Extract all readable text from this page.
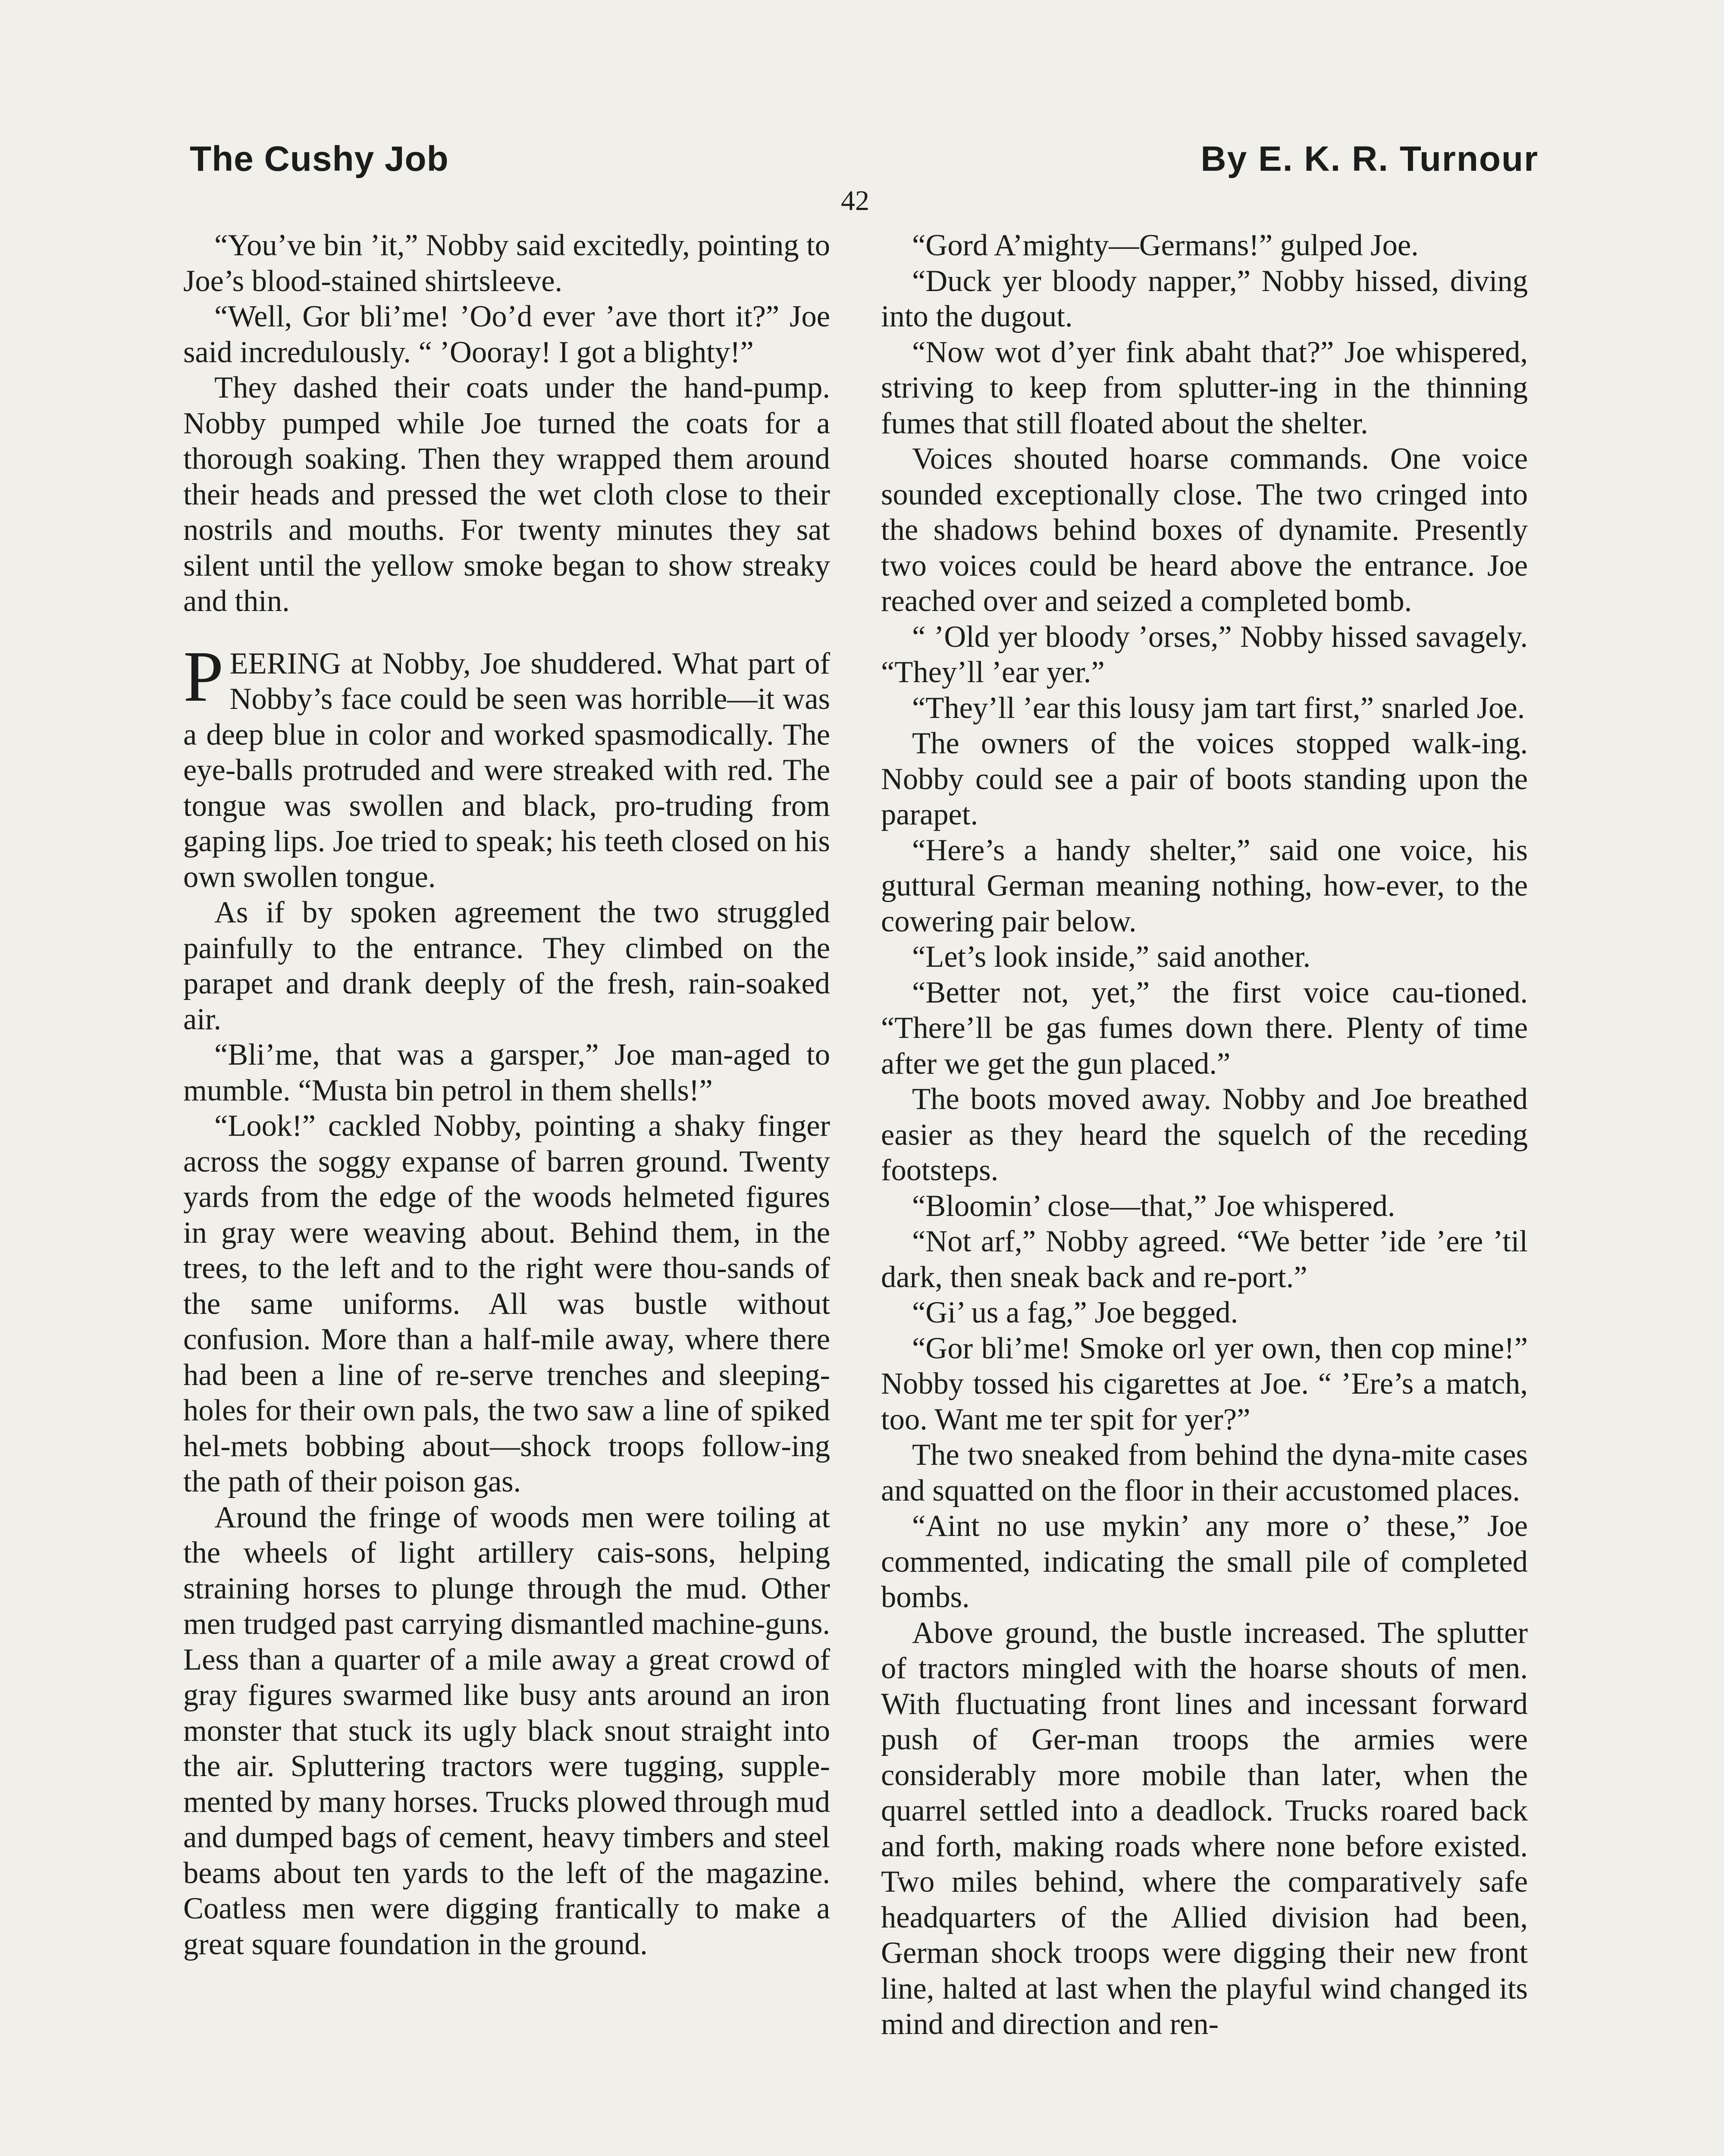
The Cushy Job	By E. K. R. Turnour
42

“You’ve bin ’it,” Nobby said excitedly, pointing to Joe’s blood-stained shirtsleeve.

“Well, Gor bli’me! ’Oo’d ever ’ave thort it?” Joe said incredulously. “ ’Oooray! I got a blighty!”

They dashed their coats under the hand-pump. Nobby pumped while Joe turned the coats for a thorough soaking. Then they wrapped them around their heads and pressed the wet cloth close to their nostrils and mouths. For twenty minutes they sat silent until the yellow smoke began to show streaky and thin.

PEERING at Nobby, Joe shuddered. What part of Nobby’s face could be seen was horrible—it was a deep blue in color and worked spasmodically. The eye-balls protruded and were streaked with red. The tongue was swollen and black, pro-truding from gaping lips. Joe tried to speak; his teeth closed on his own swollen tongue.

As if by spoken agreement the two struggled painfully to the entrance. They climbed on the parapet and drank deeply of the fresh, rain-soaked air.

“Bli’me, that was a garsper,” Joe man-aged to mumble. “Musta bin petrol in them shells!”

“Look!” cackled Nobby, pointing a shaky finger across the soggy expanse of barren ground. Twenty yards from the edge of the woods helmeted figures in gray were weaving about. Behind them, in the trees, to the left and to the right were thou-sands of the same uniforms. All was bustle without confusion. More than a half-mile away, where there had been a line of re-serve trenches and sleeping-holes for their own pals, the two saw a line of spiked hel-mets bobbing about—shock troops follow-ing the path of their poison gas.

Around the fringe of woods men were toiling at the wheels of light artillery cais-sons, helping straining horses to plunge through the mud. Other men trudged past carrying dismantled machine-guns. Less than a quarter of a mile away a great crowd of gray figures swarmed like busy ants around an iron monster that stuck its ugly black snout straight into the air. Spluttering tractors were tugging, supple-mented by many horses. Trucks plowed through mud and dumped bags of cement, heavy timbers and steel beams about ten yards to the left of the magazine. Coatless men were digging frantically to make a great square foundation in the ground.

“Gord A’mighty—Germans!” gulped Joe.

“Duck yer bloody napper,” Nobby hissed, diving into the dugout.

“Now wot d’yer fink abaht that?” Joe whispered, striving to keep from splutter-ing in the thinning fumes that still floated about the shelter.

Voices shouted hoarse commands. One voice sounded exceptionally close. The two cringed into the shadows behind boxes of dynamite. Presently two voices could be heard above the entrance. Joe reached over and seized a completed bomb.

“ ’Old yer bloody ’orses,” Nobby hissed savagely. “They’ll ’ear yer.”

“They’ll ’ear this lousy jam tart first,” snarled Joe.

The owners of the voices stopped walk-ing. Nobby could see a pair of boots standing upon the parapet.

“Here’s a handy shelter,” said one voice, his guttural German meaning nothing, how-ever, to the cowering pair below.

“Let’s look inside,” said another.

“Better not, yet,” the first voice cau-tioned. “There’ll be gas fumes down there. Plenty of time after we get the gun placed.”

The boots moved away. Nobby and Joe breathed easier as they heard the squelch of the receding footsteps.

“Bloomin’ close—that,” Joe whispered.

“Not arf,” Nobby agreed. “We better ’ide ’ere ’til dark, then sneak back and re-port.”

“Gi’ us a fag,” Joe begged.

“Gor bli’me! Smoke orl yer own, then cop mine!” Nobby tossed his cigarettes at Joe. “ ’Ere’s a match, too. Want me ter spit for yer?”

The two sneaked from behind the dyna-mite cases and squatted on the floor in their accustomed places.

“Aint no use mykin’ any more o’ these,” Joe commented, indicating the small pile of completed bombs.

Above ground, the bustle increased. The splutter of tractors mingled with the hoarse shouts of men. With fluctuating front lines and incessant forward push of Ger-man troops the armies were considerably more mobile than later, when the quarrel settled into a deadlock. Trucks roared back and forth, making roads where none before existed. Two miles behind, where the comparatively safe headquarters of the Allied division had been, German shock troops were digging their new front line, halted at last when the playful wind changed its mind and direction and ren-
